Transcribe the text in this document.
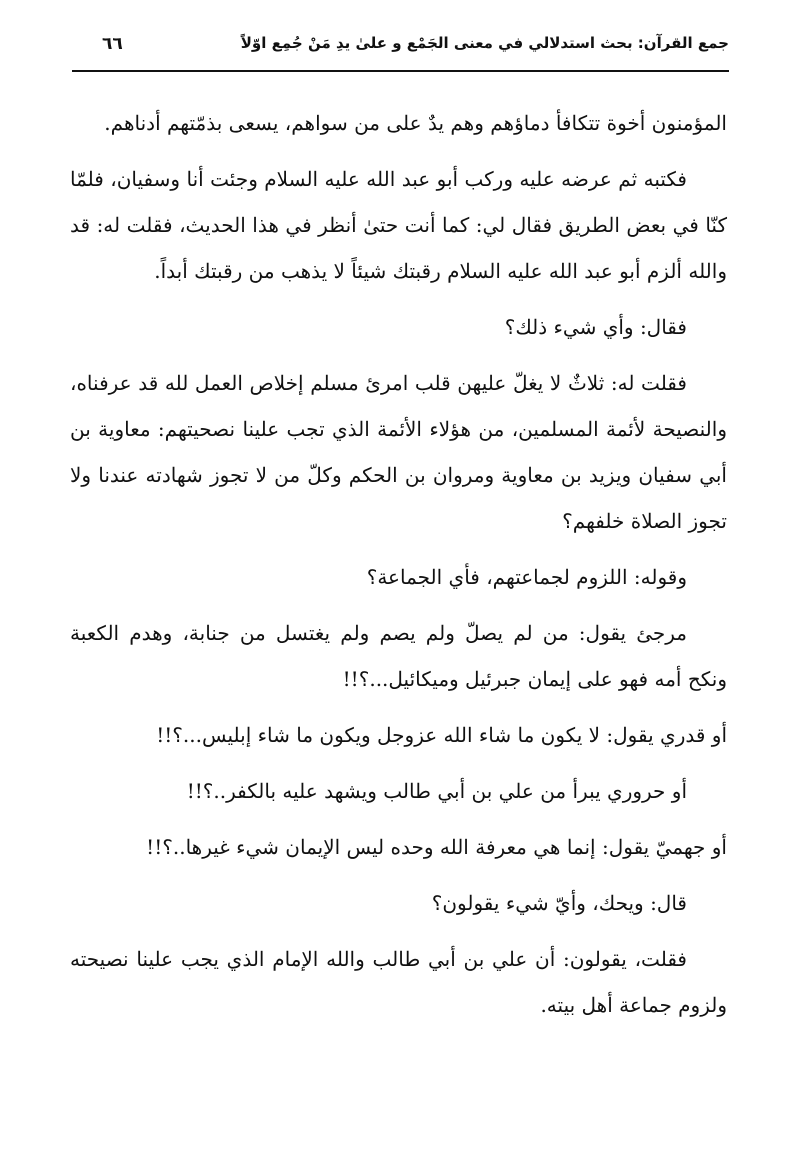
جمع القرآن: بحث استدلالي في معنى الجَمْع و علىٰ يدِ مَنْ جُمِع اوّلاً
٦٦

المؤمنون أخوة تتكافأ دماؤهم وهم يدٌ على من سواهم، يسعى بذمّتهم أدناهم.

فكتبه ثم عرضه عليه وركب أبو عبد الله عليه السلام وجئت أنا وسفيان، فلمّا كنّا في بعض الطريق فقال لي: كما أنت حتىٰ أنظر في هذا الحديث، فقلت له: قد والله ألزم أبو عبد الله عليه السلام رقبتك شيئاً لا يذهب من رقبتك أبداً.

فقال: وأي شيء ذلك؟

فقلت له: ثلاثٌ لا يغلّ عليهن قلب امرئ مسلم إخلاص العمل لله قد عرفناه، والنصيحة لأئمة المسلمين، من هؤلاء الأئمة الذي تجب علينا نصحيتهم: معاوية بن أبي سفيان ويزيد بن معاوية ومروان بن الحكم وكلّ من لا تجوز شهادته عندنا ولا تجوز الصلاة خلفهم؟

وقوله: اللزوم لجماعتهم، فأي الجماعة؟

مرجئ يقول: من لم يصلّ ولم يصم ولم يغتسل من جنابة، وهدم الكعبة ونكح أمه فهو على إيمان جبرئيل وميكائيل...؟!!

أو قدري يقول: لا يكون ما شاء الله عزوجل ويكون ما شاء إبليس...؟!!

أو حروري يبرأ من علي بن أبي طالب ويشهد عليه بالكفر..؟!!

أو جهميّ يقول: إنما هي معرفة الله وحده ليس الإيمان شيء غيرها..؟!!

قال: ويحك، وأيّ شيء يقولون؟

فقلت، يقولون: أن علي بن أبي طالب والله الإمام الذي يجب علينا نصيحته ولزوم جماعة أهل بيته.
